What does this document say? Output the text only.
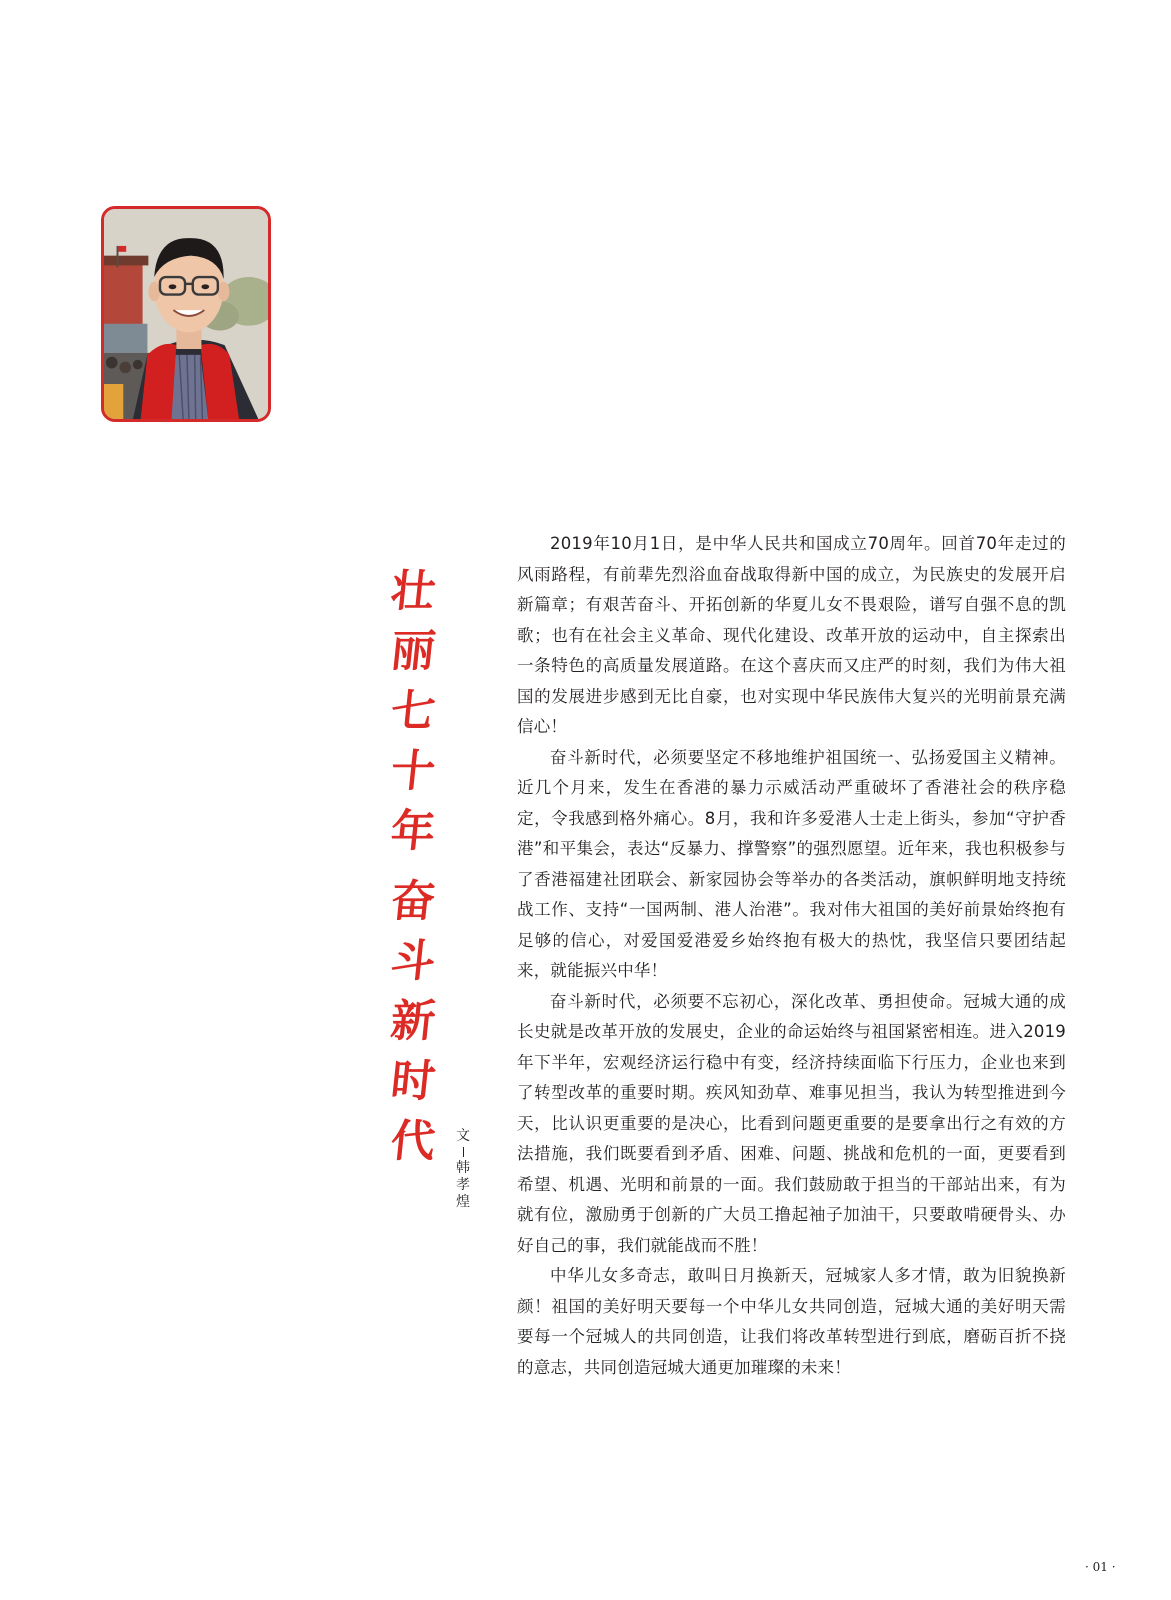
壮
丽
七
十
年
奋
斗
新
时
代 文
韩
孝
煌

2019年10月1日，是中华人民共和国成立70周年。回首70年走过的风雨路程，有前辈先烈浴血奋战取得新中国的成立，为民族史的发展开启新篇章；有艰苦奋斗、开拓创新的华夏儿女不畏艰险，谱写自强不息的凯歌；也有在社会主义革命、现代化建设、改革开放的运动中，自主探索出一条特色的高质量发展道路。在这个喜庆而又庄严的时刻，我们为伟大祖国的发展进步感到无比自豪，也对实现中华民族伟大复兴的光明前景充满信心！

奋斗新时代，必须要坚定不移地维护祖国统一、弘扬爱国主义精神。近几个月来，发生在香港的暴力示威活动严重破坏了香港社会的秩序稳定，令我感到格外痛心。8月，我和许多爱港人士走上街头，参加“守护香港”和平集会，表达“反暴力、撑警察”的强烈愿望。近年来，我也积极参与了香港福建社团联会、新家园协会等举办的各类活动，旗帜鲜明地支持统战工作、支持“一国两制、港人治港”。我对伟大祖国的美好前景始终抱有足够的信心，对爱国爱港爱乡始终抱有极大的热忱，我坚信只要团结起来，就能振兴中华！

奋斗新时代，必须要不忘初心，深化改革、勇担使命。冠城大通的成长史就是改革开放的发展史，企业的命运始终与祖国紧密相连。进入2019年下半年，宏观经济运行稳中有变，经济持续面临下行压力，企业也来到了转型改革的重要时期。疾风知劲草、难事见担当，我认为转型推进到今天，比认识更重要的是决心，比看到问题更重要的是要拿出行之有效的方法措施，我们既要看到矛盾、困难、问题、挑战和危机的一面，更要看到希望、机遇、光明和前景的一面。我们鼓励敢于担当的干部站出来，有为就有位，激励勇于创新的广大员工撸起袖子加油干，只要敢啃硬骨头、办好自己的事，我们就能战而不胜！

中华儿女多奇志，敢叫日月换新天，冠城家人多才情，敢为旧貌换新颜！祖国的美好明天要每一个中华儿女共同创造，冠城大通的美好明天需要每一个冠城人的共同创造，让我们将改革转型进行到底，磨砺百折不挠的意志，共同创造冠城大通更加璀璨的未来！

· 01 ·
